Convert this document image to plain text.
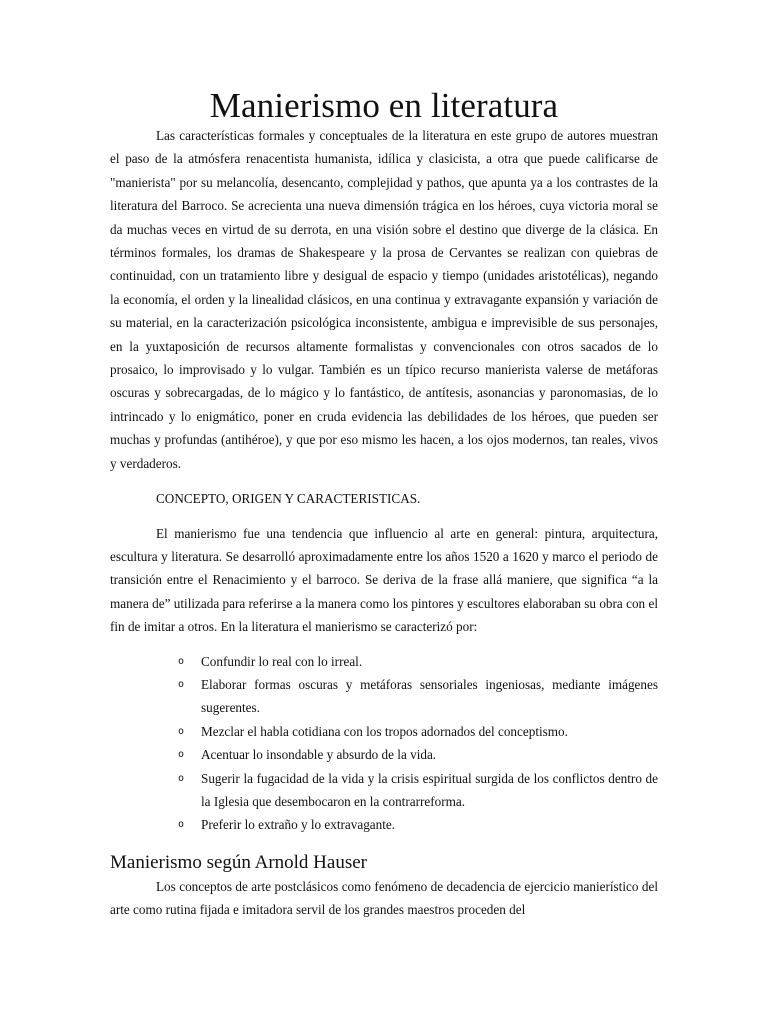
Manierismo en literatura

Las características formales y conceptuales de la literatura en este grupo de autores muestran el paso de la atmósfera renacentista humanista, idílica y clasicista, a otra que puede calificarse de "manierista" por su melancolía, desencanto, complejidad y pathos, que apunta ya a los contrastes de la literatura del Barroco. Se acrecienta una nueva dimensión trágica en los héroes, cuya victoria moral se da muchas veces en virtud de su derrota, en una visión sobre el destino que diverge de la clásica. En términos formales, los dramas de Shakespeare y la prosa de Cervantes se realizan con quiebras de continuidad, con un tratamiento libre y desigual de espacio y tiempo (unidades aristotélicas), negando la economía, el orden y la linealidad clásicos, en una continua y extravagante expansión y variación de su material, en la caracterización psicológica inconsistente, ambigua e imprevisible de sus personajes, en la yuxtaposición de recursos altamente formalistas y convencionales con otros sacados de lo prosaico, lo improvisado y lo vulgar. También es un típico recurso manierista valerse de metáforas oscuras y sobrecargadas, de lo mágico y lo fantástico, de antítesis, asonancias y paronomasias, de lo intrincado y lo enigmático, poner en cruda evidencia las debilidades de los héroes, que pueden ser muchas y profundas (antihéroe), y que por eso mismo les hacen, a los ojos modernos, tan reales, vivos y verdaderos.

CONCEPTO, ORIGEN Y CARACTERISTICAS.

El manierismo fue una tendencia que influencio al arte en general: pintura, arquitectura, escultura y literatura. Se desarrolló aproximadamente entre los años 1520 a 1620 y marco el periodo de transición entre el Renacimiento y el barroco. Se deriva de la frase allá maniere, que significa “a la manera de” utilizada para referirse a la manera como los pintores y escultores elaboraban su obra con el fin de imitar a otros. En la literatura el manierismo se caracterizó por:

o Confundir lo real con lo irreal.
o Elaborar formas oscuras y metáforas sensoriales ingeniosas, mediante imágenes sugerentes.
o Mezclar el habla cotidiana con los tropos adornados del conceptismo.
o Acentuar lo insondable y absurdo de la vida.
o Sugerir la fugacidad de la vida y la crisis espiritual surgida de los conflictos dentro de la Iglesia que desembocaron en la contrarreforma.
o Preferir lo extraño y lo extravagante.
Manierismo según Arnold Hauser

Los conceptos de arte postclásicos como fenómeno de decadencia de ejercicio manierístico del arte como rutina fijada e imitadora servil de los grandes maestros proceden del
